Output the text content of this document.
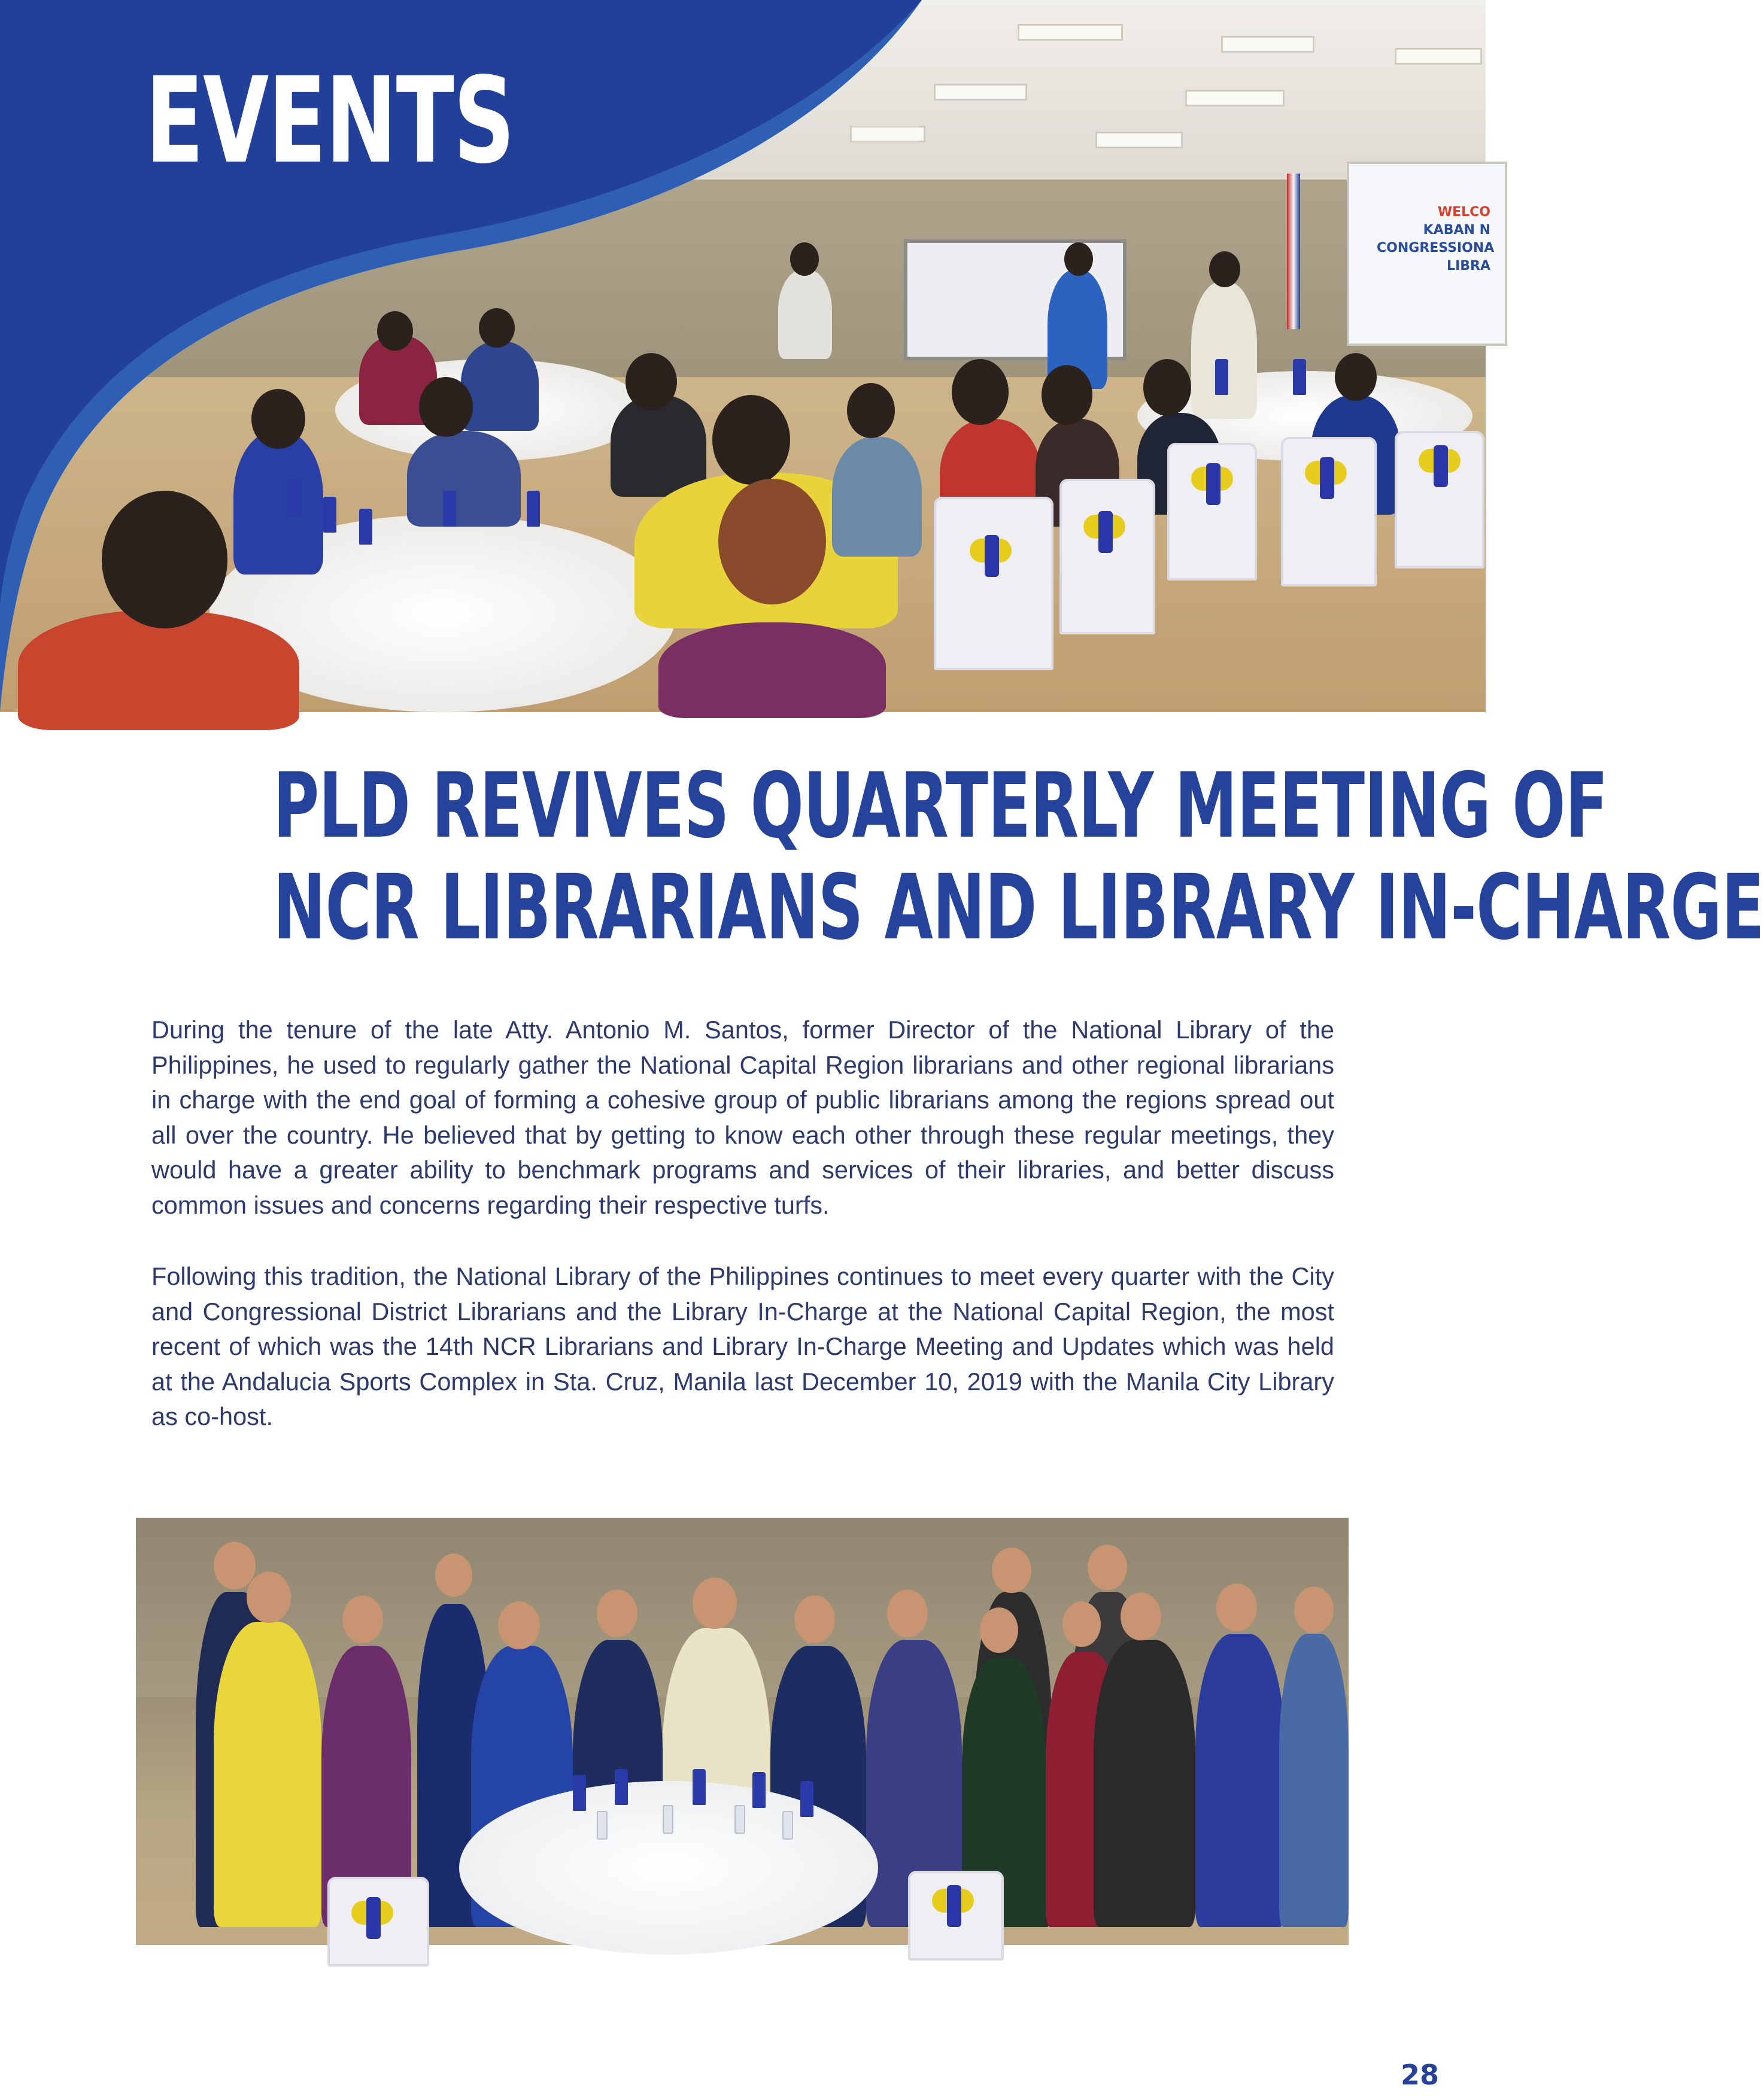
WELCO
KABAN N
CONGRESSIONA
LIBRA
EVENTS
PLD REVIVES QUARTERLY MEETING OF
NCR LIBRARIANS AND LIBRARY IN-CHARGE

During the tenure of the late Atty. Antonio M. Santos, former Director of the National Library of the Philippines, he used to regularly gather the National Capital Region librarians and other regional librarians in charge with the end goal of forming a cohesive group of public librarians among the regions spread out all over the country. He believed that by getting to know each other through these regular meetings, they would have a greater ability to benchmark programs and services of their libraries, and better discuss common issues and concerns regarding their respective turfs.

Following this tradition, the National Library of the Philippines continues to meet every quarter with the City and Congressional District Librarians and the Library In-Charge at the National Capital Region, the most recent of which was the 14th NCR Librarians and Library In-Charge Meeting and Updates which was held at the Andalucia Sports Complex in Sta. Cruz, Manila last December 10, 2019 with the Manila City Library as co-host.

28
